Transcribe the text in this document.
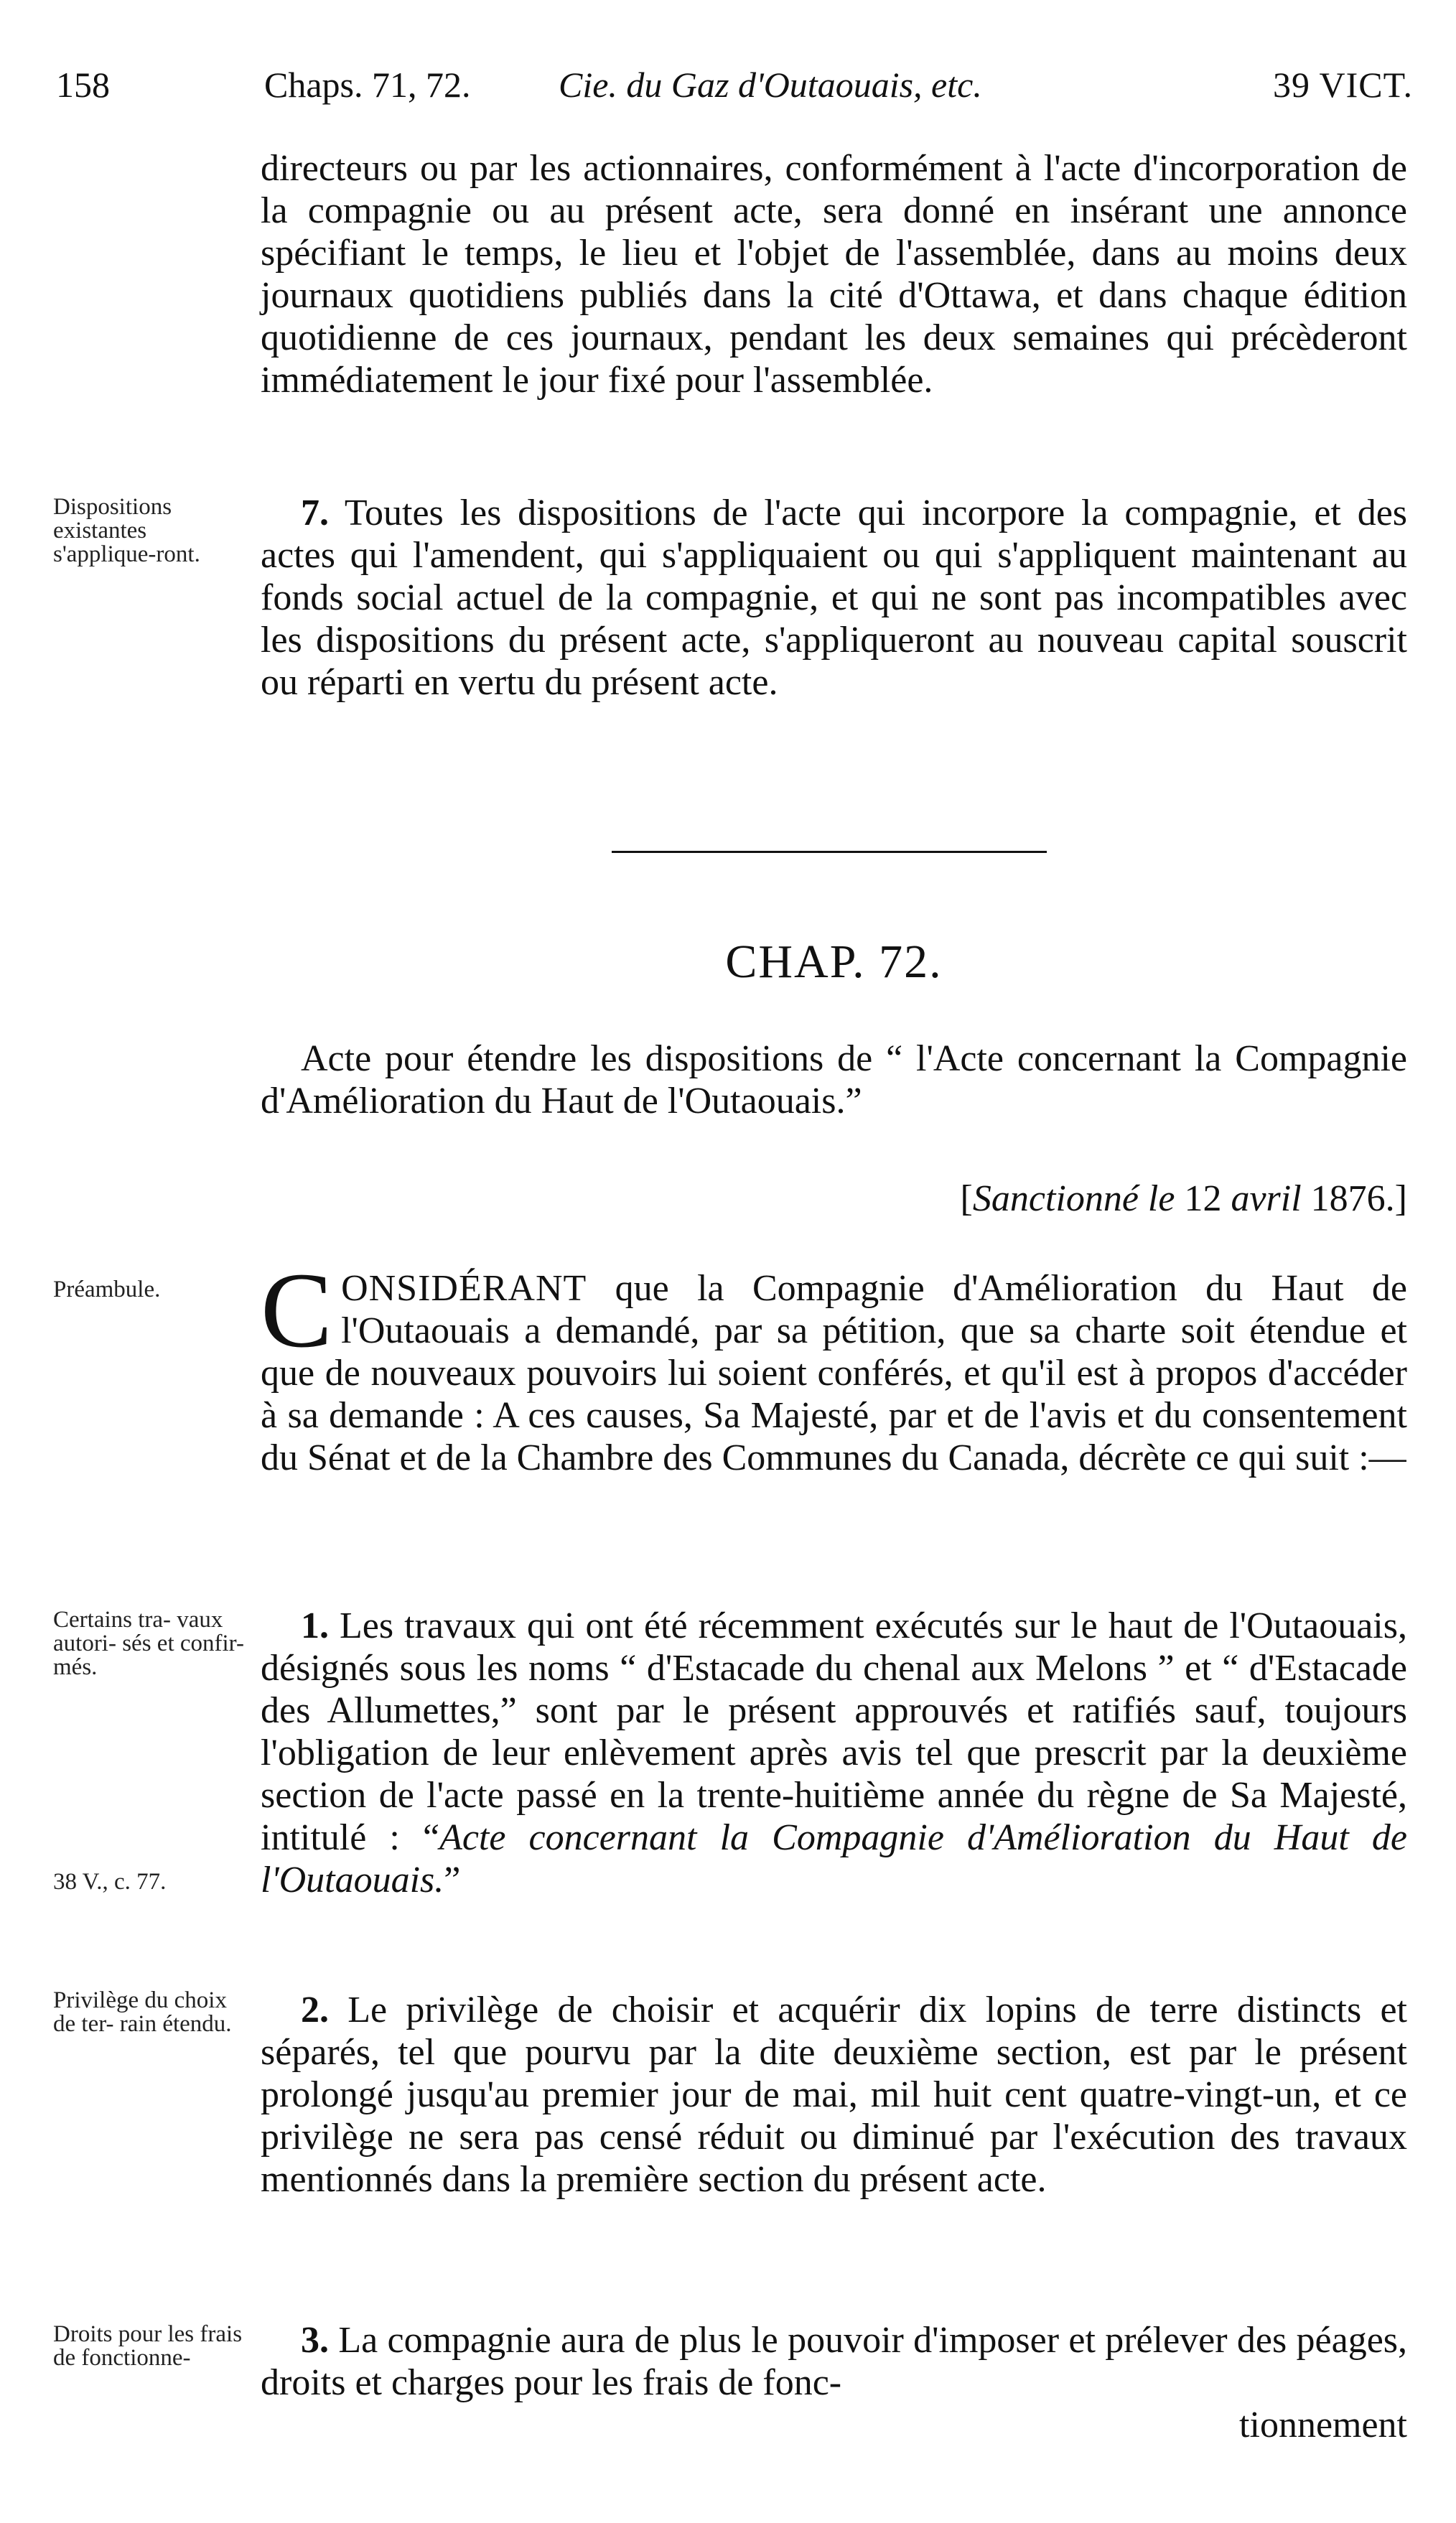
158	Chaps. 71, 72. Cie. du Gaz d'Outaouais, etc.	39 VICT.

directeurs ou par les actionnaires, conformément à l'acte d'incorporation de la compagnie ou au présent acte, sera donné en insérant une annonce spécifiant le temps, le lieu et l'objet de l'assemblée, dans au moins deux journaux quotidiens publiés dans la cité d'Ottawa, et dans chaque édition quotidienne de ces journaux, pendant les deux semaines qui précèderont immédiatement le jour fixé pour l'assemblée.

Dispositions existantes s'applique-ront.

7. Toutes les dispositions de l'acte qui incorpore la compagnie, et des actes qui l'amendent, qui s'appliquaient ou qui s'appliquent maintenant au fonds social actuel de la compagnie, et qui ne sont pas incompatibles avec les dispositions du présent acte, s'appliqueront au nouveau capital souscrit ou réparti en vertu du présent acte.

CHAP. 72.

Acte pour étendre les dispositions de “ l'Acte concernant la Compagnie d'Amélioration du Haut de l'Outaouais.”

[Sanctionné le 12 avril 1876.]
Préambule. CONSIDÉRANT que la Compagnie d'Amélioration du Haut de l'Outaouais a demandé, par sa pétition, que sa charte soit étendue et que de nouveaux pouvoirs lui soient conférés, et qu'il est à propos d'accéder à sa demande : A ces causes, Sa Majesté, par et de l'avis et du consentement du Sénat et de la Chambre des Communes du Canada, décrète ce qui suit :—

Certains tra- vaux autori- sés et confir- més.
38 V., c. 77.

1. Les travaux qui ont été récemment exécutés sur le haut de l'Outaouais, désignés sous les noms “ d'Estacade du chenal aux Melons ” et “ d'Estacade des Allumettes,” sont par le présent approuvés et ratifiés sauf, toujours l'obligation de leur enlèvement après avis tel que prescrit par la deuxième section de l'acte passé en la trente-huitième année du règne de Sa Majesté, intitulé : “Acte concernant la Compagnie d'Amélioration du Haut de l'Outaouais.”

Privilège du choix de ter- rain étendu.	2. Le privilège de choisir et acquérir dix lopins de terre distincts et séparés, tel que pourvu par la dite deuxième section, est par le présent prolongé jusqu'au premier jour de mai, mil huit cent quatre-vingt-un, et ce privilège ne sera pas censé réduit ou diminué par l'exécution des travaux mentionnés dans la première section du présent acte.

Droits pour les frais de fonctionne-	3. La compagnie aura de plus le pouvoir d'imposer et prélever des péages, droits et charges pour les frais de fonc-

tionnement
